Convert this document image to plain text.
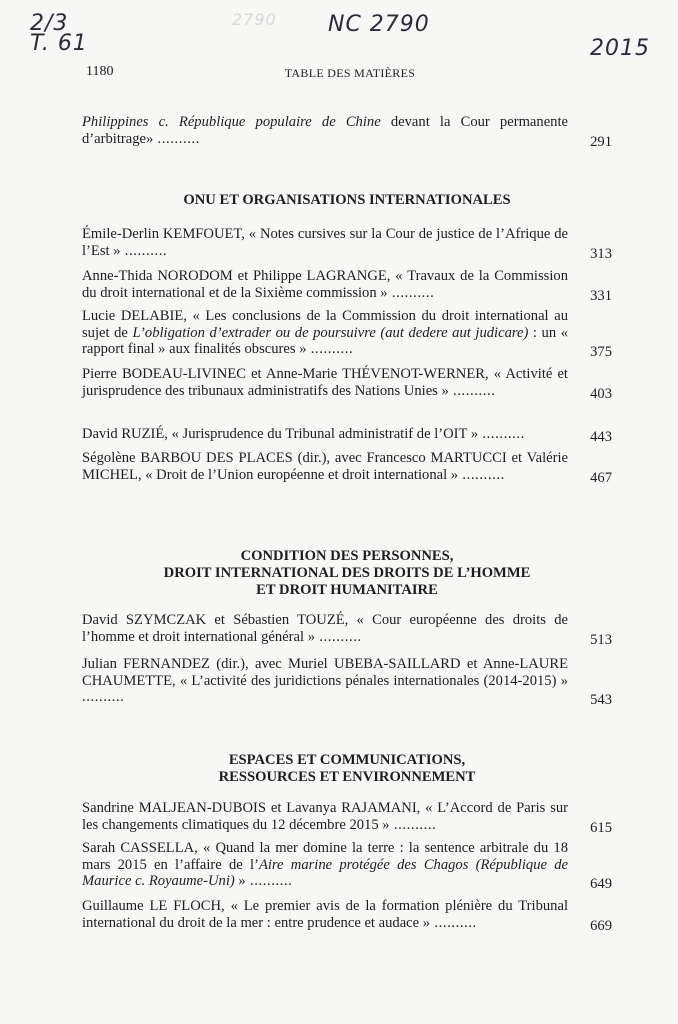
2/3
T. 61
2790 NC 2790
2015
1180	TABLE DES MATIÈRES
Philippines c. République populaire de Chine devant la Cour permanente d’arbitrage» ..........	291
ONU ET ORGANISATIONS INTERNATIONALES
Émile-Derlin KEMFOUET, « Notes cursives sur la Cour de justice de l’Afrique de l’Est » ..........	313
Anne-Thida NORODOM et Philippe LAGRANGE, « Travaux de la Commission du droit international et de la Sixième commission » ..........	331
Lucie DELABIE, « Les conclusions de la Commission du droit international au sujet de L’obligation d’extrader ou de poursuivre (aut dedere aut judicare) : un « rapport final » aux finalités obscures » ..........	375
Pierre BODEAU-LIVINEC et Anne-Marie THÉVENOT-WERNER, « Activité et jurisprudence des tribunaux administratifs des Nations Unies » ..........	403
David RUZIÉ, « Jurisprudence du Tribunal administratif de l’OIT » ..........	443
Ségolène BARBOU DES PLACES (dir.), avec Francesco MARTUCCI et Valérie MICHEL, « Droit de l’Union européenne et droit international » ..........	467
CONDITION DES PERSONNES,
DROIT INTERNATIONAL DES DROITS DE L’HOMME
ET DROIT HUMANITAIRE
David SZYMCZAK et Sébastien TOUZÉ, « Cour européenne des droits de l’homme et droit international général » ..........	513
Julian FERNANDEZ (dir.), avec Muriel UBEBA-SAILLARD et Anne-LAURE CHAUMETTE, « L’activité des juridictions pénales internationales (2014-2015) » ..........	543
ESPACES ET COMMUNICATIONS,
RESSOURCES ET ENVIRONNEMENT
Sandrine MALJEAN-DUBOIS et Lavanya RAJAMANI, « L’Accord de Paris sur les changements climatiques du 12 décembre 2015 » ..........	615
Sarah CASSELLA, « Quand la mer domine la terre : la sentence arbitrale du 18 mars 2015 en l’affaire de l’Aire marine protégée des Chagos (République de Maurice c. Royaume-Uni) » ..........	649
Guillaume LE FLOCH, « Le premier avis de la formation plénière du Tribunal international du droit de la mer : entre prudence et audace » ..........	669
